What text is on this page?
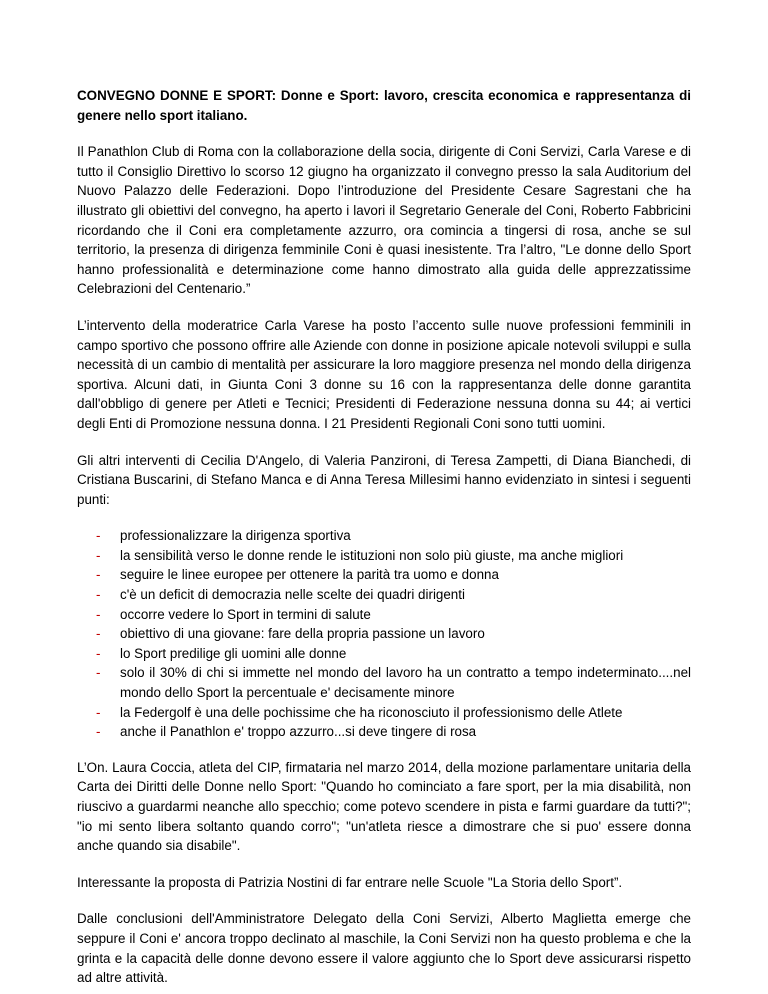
CONVEGNO DONNE E SPORT: Donne e Sport: lavoro, crescita economica e rappresentanza di genere nello sport italiano.

Il Panathlon Club di Roma con la collaborazione della socia, dirigente di Coni Servizi, Carla Varese e di tutto il Consiglio Direttivo lo scorso 12 giugno ha organizzato il convegno presso la sala Auditorium del Nuovo Palazzo delle Federazioni. Dopo l’introduzione del Presidente Cesare Sagrestani che ha illustrato gli obiettivi del convegno, ha aperto i lavori il Segretario Generale del Coni, Roberto Fabbricini ricordando che il Coni era completamente azzurro, ora comincia a tingersi di rosa, anche se sul territorio, la presenza di dirigenza femminile Coni è quasi inesistente. Tra l’altro, "Le donne dello Sport hanno professionalità e determinazione come hanno dimostrato alla guida delle apprezzatissime Celebrazioni del Centenario.”

L’intervento della moderatrice Carla Varese ha posto l’accento sulle nuove professioni femminili in campo sportivo che possono offrire alle Aziende con donne in posizione apicale notevoli sviluppi e sulla necessità di un cambio di mentalità per assicurare la loro maggiore presenza nel mondo della dirigenza sportiva. Alcuni dati, in Giunta Coni 3 donne su 16 con la rappresentanza delle donne garantita dall'obbligo di genere per Atleti e Tecnici; Presidenti di Federazione nessuna donna su 44; ai vertici degli Enti di Promozione nessuna donna. I 21 Presidenti Regionali Coni sono tutti uomini.

Gli altri interventi di Cecilia D'Angelo, di Valeria Panzironi, di Teresa Zampetti, di Diana Bianchedi, di Cristiana Buscarini, di Stefano Manca e di Anna Teresa Millesimi hanno evidenziato in sintesi i seguenti punti:

- professionalizzare la dirigenza sportiva
- la sensibilità verso le donne rende le istituzioni non solo più giuste, ma anche migliori
- seguire le linee europee per ottenere la parità tra uomo e donna
- c'è un deficit di democrazia nelle scelte dei quadri dirigenti
- occorre vedere lo Sport in termini di salute
- obiettivo di una giovane: fare della propria passione un lavoro
- lo Sport predilige gli uomini alle donne
- solo il 30% di chi si immette nel mondo del lavoro ha un contratto a tempo indeterminato....nel mondo dello Sport la percentuale e' decisamente minore
- la Federgolf è una delle pochissime che ha riconosciuto il professionismo delle Atlete
- anche il Panathlon e' troppo azzurro...si deve tingere di rosa

L’On. Laura Coccia, atleta del CIP, firmataria nel marzo 2014, della mozione parlamentare unitaria della Carta dei Diritti delle Donne nello Sport: "Quando ho cominciato a fare sport, per la mia disabilità, non riuscivo a guardarmi neanche allo specchio; come potevo scendere in pista e farmi guardare da tutti?"; "io mi sento libera soltanto quando corro"; "un'atleta riesce a dimostrare che si puo' essere donna anche quando sia disabile".

Interessante la proposta di Patrizia Nostini di far entrare nelle Scuole "La Storia dello Sport”.

Dalle conclusioni dell'Amministratore Delegato della Coni Servizi, Alberto Maglietta emerge che seppure il Coni e' ancora troppo declinato al maschile, la Coni Servizi non ha questo problema e che la grinta e la capacità delle donne devono essere il valore aggiunto che lo Sport deve assicurarsi rispetto ad altre attività.
